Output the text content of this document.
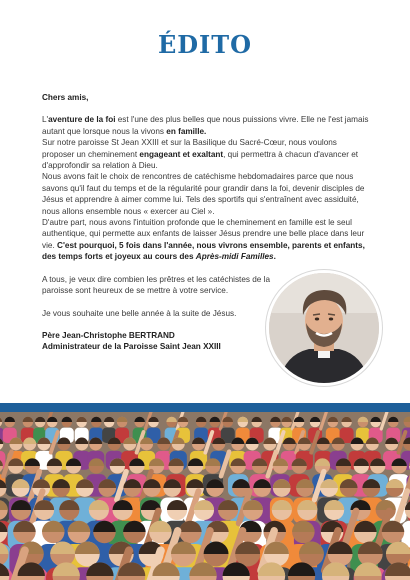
ÉDITO

Chers amis,

L'aventure de la foi est l'une des plus belles que nous puissions vivre. Elle ne l'est jamais autant que lorsque nous la vivons en famille.
Sur notre paroisse St Jean XXIII et sur la Basilique du Sacré-Cœur, nous voulons proposer un cheminement engageant et exaltant, qui permettra à chacun d'avancer et d'approfondir sa relation à Dieu.
Nous avons fait le choix de rencontres de catéchisme hebdomadaires parce que nous savons qu'il faut du temps et de la régularité pour grandir dans la foi, devenir disciples de Jésus et apprendre à aimer comme lui. Tels des sportifs qui s'entraînent avec assiduité, nous allons ensemble nous « exercer au Ciel ».
D'autre part, nous avons l'intuition profonde que le cheminement en famille est le seul authentique, qui permette aux enfants de laisser Jésus prendre une belle place dans leur vie. C'est pourquoi, 5 fois dans l'année, nous vivrons ensemble, parents et enfants, des temps forts et joyeux au cours des Après-midi Familles.

A tous, je veux dire combien les prêtres et les catéchistes de la paroisse sont heureux de se mettre à votre service.

Je vous souhaite une belle année à la suite de Jésus.

Père Jean-Christophe BERTRAND

Administrateur de la Paroisse Saint Jean XXIII
